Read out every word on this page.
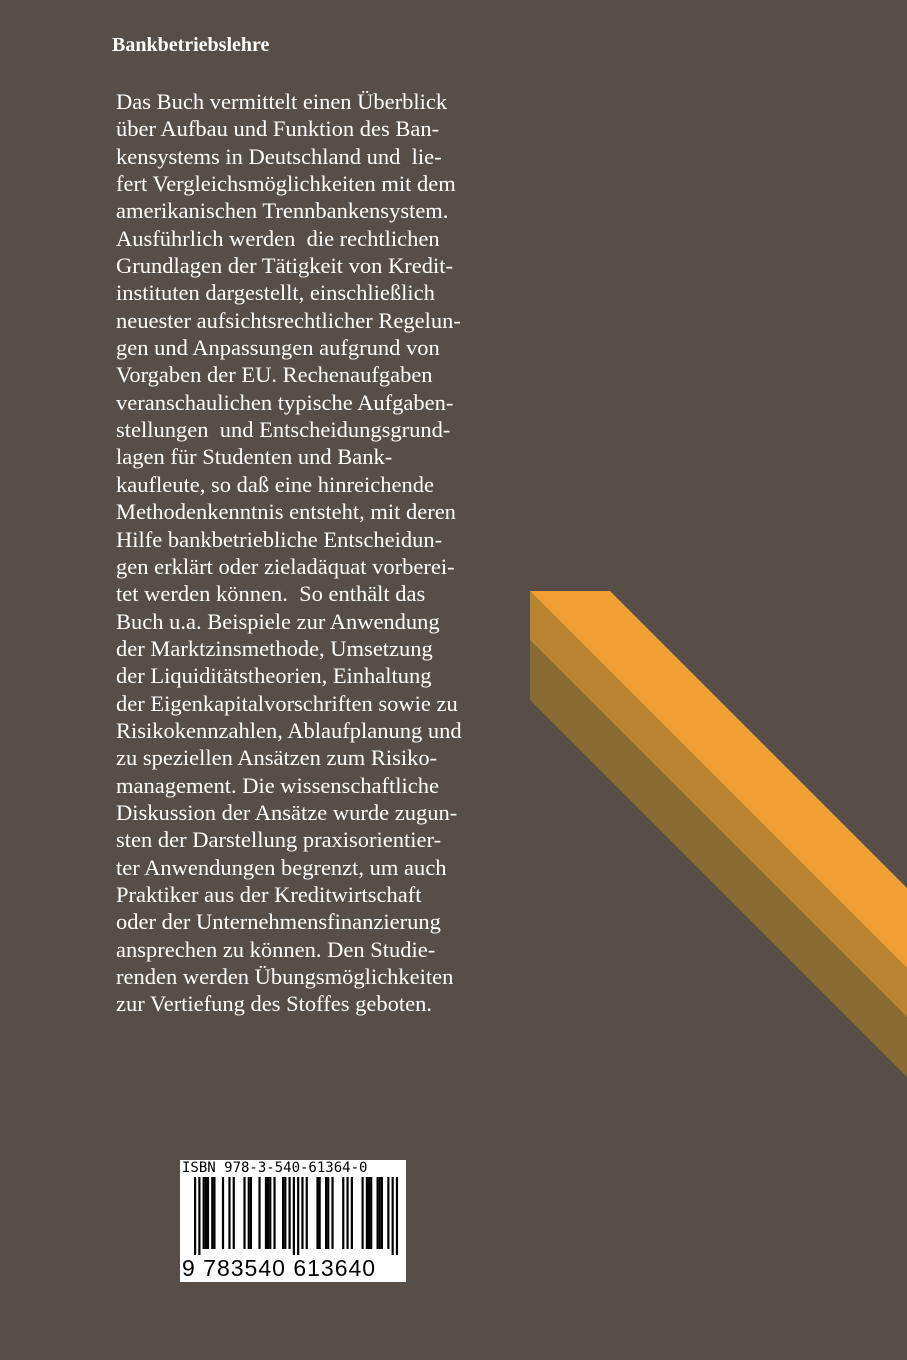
Bankbetriebslehre
Das Buch vermittelt einen Überblick
über Aufbau und Funktion des Ban-
kensystems in Deutschland und  lie-
fert Vergleichsmöglichkeiten mit dem
amerikanischen Trennbankensystem.
Ausführlich werden  die rechtlichen
Grundlagen der Tätigkeit von Kredit-
instituten dargestellt, einschließlich
neuester aufsichtsrechtlicher Regelun-
gen und Anpassungen aufgrund von
Vorgaben der EU. Rechenaufgaben
veranschaulichen typische Aufgaben-
stellungen  und Entscheidungsgrund-
lagen für Studenten und Bank-
kaufleute, so daß eine hinreichende
Methodenkenntnis entsteht, mit deren
Hilfe bankbetriebliche Entscheidun-
gen erklärt oder zieladäquat vorberei-
tet werden können.  So enthält das
Buch u.a. Beispiele zur Anwendung
der Marktzinsmethode, Umsetzung
der Liquiditätstheorien, Einhaltung
der Eigenkapitalvorschriften sowie zu
Risikokennzahlen, Ablaufplanung und
zu speziellen Ansätzen zum Risiko-
management. Die wissenschaftliche
Diskussion der Ansätze wurde zugun-
sten der Darstellung praxisorientier-
ter Anwendungen begrenzt, um auch
Praktiker aus der Kreditwirtschaft
oder der Unternehmensfinanzierung
ansprechen zu können. Den Studie-
renden werden Übungsmöglichkeiten
zur Vertiefung des Stoffes geboten.
ISBN 978-3-540-61364-0
9 783540 613640
